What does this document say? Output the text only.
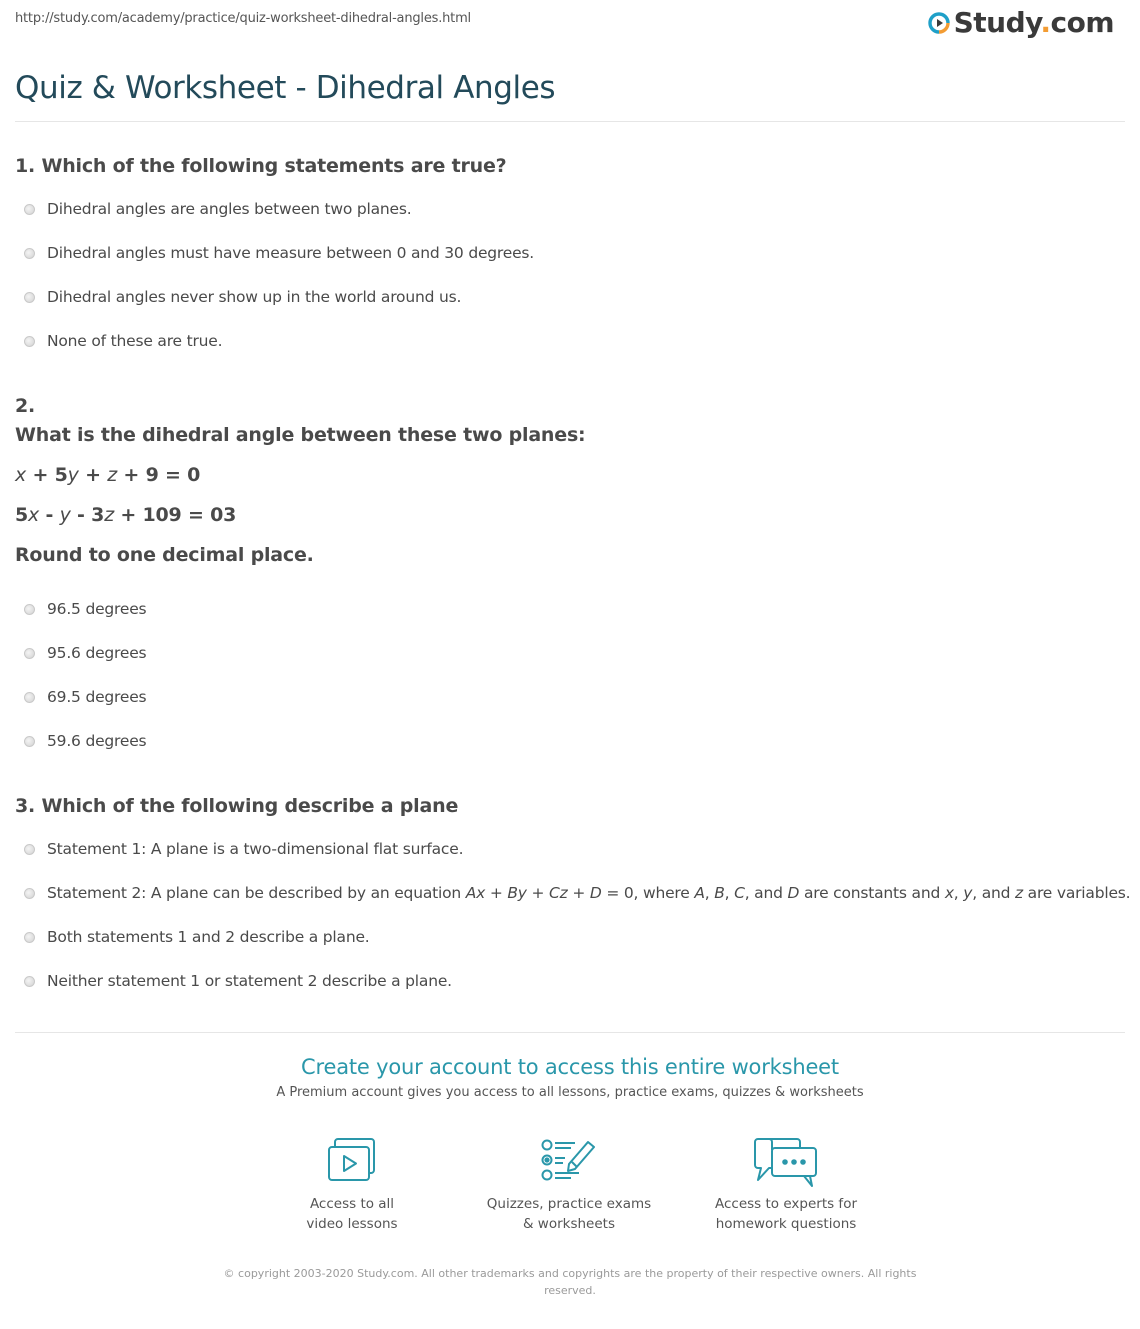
http://study.com/academy/practice/quiz-worksheet-dihedral-angles.html	Study.com
Quiz & Worksheet - Dihedral Angles
1. Which of the following statements are true?
Dihedral angles are angles between two planes.
Dihedral angles must have measure between 0 and 30 degrees.
Dihedral angles never show up in the world around us.
None of these are true.
2.
What is the dihedral angle between these two planes:
x + 5y + z + 9 = 0
5x - y - 3z + 109 = 03
Round to one decimal place.
96.5 degrees
95.6 degrees
69.5 degrees
59.6 degrees
3. Which of the following describe a plane
Statement 1: A plane is a two-dimensional flat surface.
Statement 2: A plane can be described by an equation Ax + By + Cz + D = 0, where A, B, C, and D are constants and x, y, and z are variables.
Both statements 1 and 2 describe a plane.
Neither statement 1 or statement 2 describe a plane.
Create your account to access this entire worksheet
A Premium account gives you access to all lessons, practice exams, quizzes & worksheets
Access to all
video lessons
Quizzes, practice exams
& worksheets
Access to experts for
homework questions
© copyright 2003-2020 Study.com. All other trademarks and copyrights are the property of their respective owners. All rights reserved.
